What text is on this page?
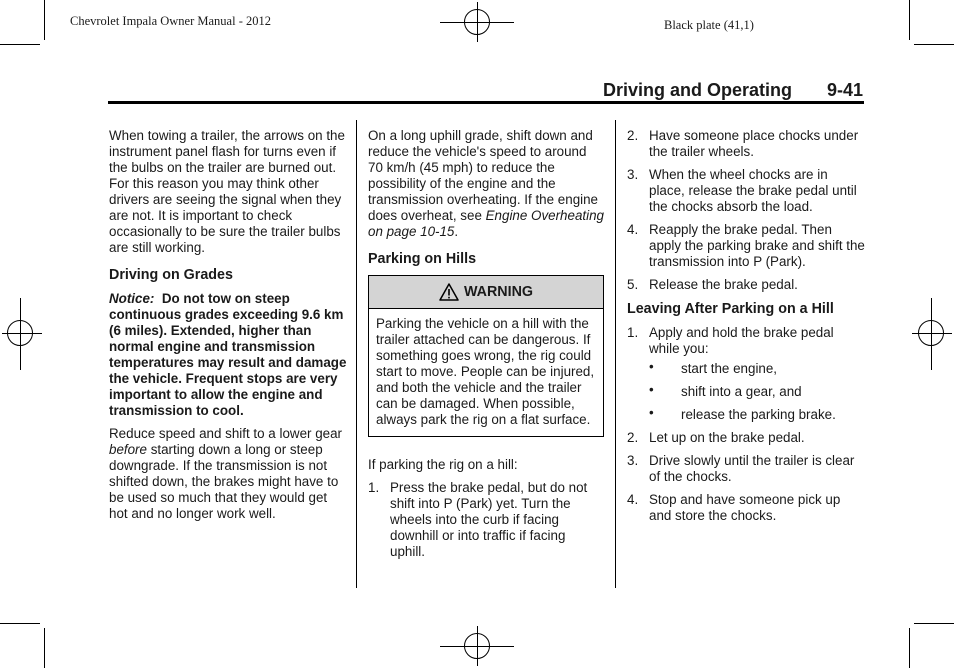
Chevrolet Impala Owner Manual - 2012	Black plate (41,1)
Driving and Operating 9-41

When towing a trailer, the arrows on the instrument panel flash for turns even if the bulbs on the trailer are burned out. For this reason you may think other drivers are seeing the signal when they are not. It is important to check occasionally to be sure the trailer bulbs are still working.

Driving on Grades

Notice: Do not tow on steep continuous grades exceeding 9.6 km (6 miles). Extended, higher than normal engine and transmission temperatures may result and damage the vehicle. Frequent stops are very important to allow the engine and transmission to cool.

Reduce speed and shift to a lower gear before starting down a long or steep downgrade. If the transmission is not shifted down, the brakes might have to be used so much that they would get hot and no longer work well.

On a long uphill grade, shift down and reduce the vehicle's speed to around 70 km/h (45 mph) to reduce the possibility of the engine and the transmission overheating. If the engine does overheat, see Engine Overheating on page 10-15.

Parking on Hills
WARNING
Parking the vehicle on a hill with the trailer attached can be dangerous. If something goes wrong, the rig could start to move. People can be injured, and both the vehicle and the trailer can be damaged. When possible, always park the rig on a flat surface.

If parking the rig on a hill:

1. Press the brake pedal, but do not shift into P (Park) yet. Turn the wheels into the curb if facing downhill or into traffic if facing uphill.
2. Have someone place chocks under the trailer wheels.
3. When the wheel chocks are in place, release the brake pedal until the chocks absorb the load.
4. Reapply the brake pedal. Then apply the parking brake and shift the transmission into P (Park).
5. Release the brake pedal.
Leaving After Parking on a Hill
1. Apply and hold the brake pedal while you:
• start the engine,
• shift into a gear, and
• release the parking brake.
2. Let up on the brake pedal.
3. Drive slowly until the trailer is clear of the chocks.
4. Stop and have someone pick up and store the chocks.
